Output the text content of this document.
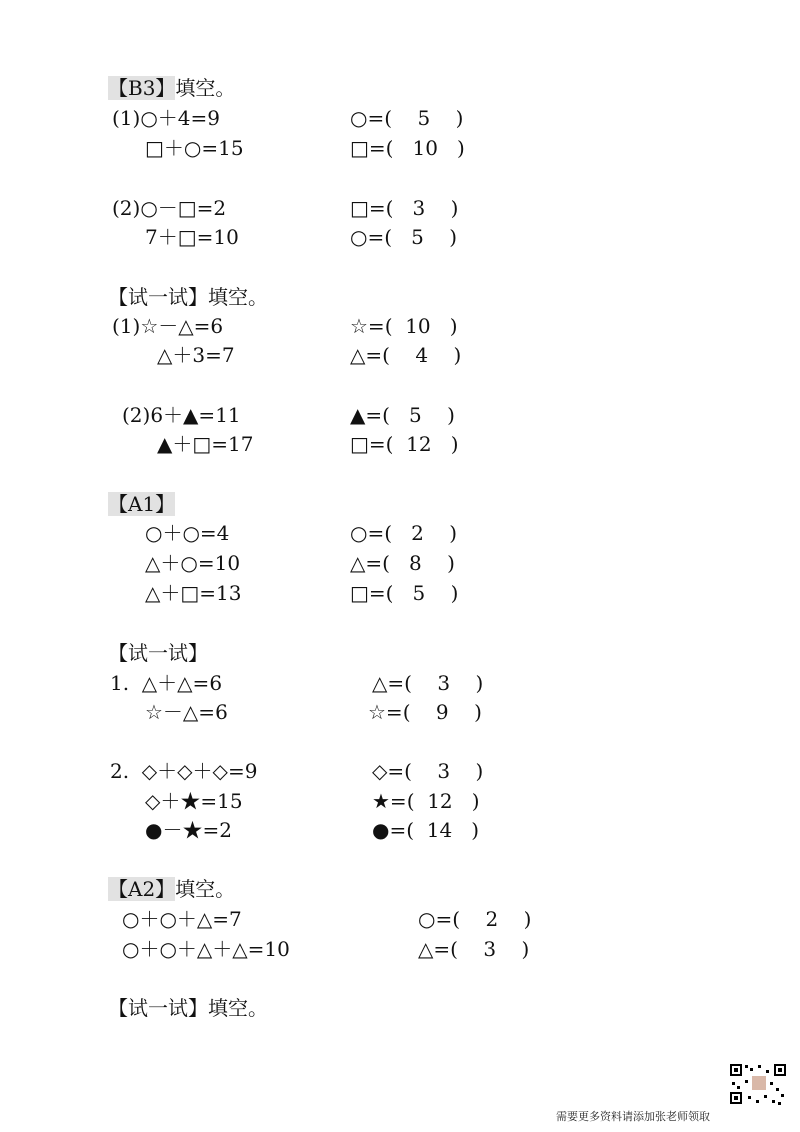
【B3】填空。
(1)○＋4=9	○=(    5    )
□＋○=15	□=(   10   )
(2)○－□=2	□=(   3    )
7＋□=10	○=(   5    )
【试一试】填空。
(1)☆－△=6	☆=(  10   )
△＋3=7	△=(    4    )
(2)6＋▲=11	▲=(   5    )
▲＋□=17	□=(  12   )
【A1】
○＋○=4	○=(   2    )
△＋○=10	△=(   8    )
△＋□=13	□=(   5    )
【试一试】
1.  △＋△=6	△=(    3    )
☆－△=6	☆=(    9    )
2.  ◇＋◇＋◇=9	◇=(    3    )
◇＋★=15	★=(  12   )
●－★=2	●=(  14   )
【A2】填空。
○＋○＋△=7	○=(    2    )
○＋○＋△＋△=10	△=(    3    )
【试一试】填空。
需要更多资料请添加张老师领取
